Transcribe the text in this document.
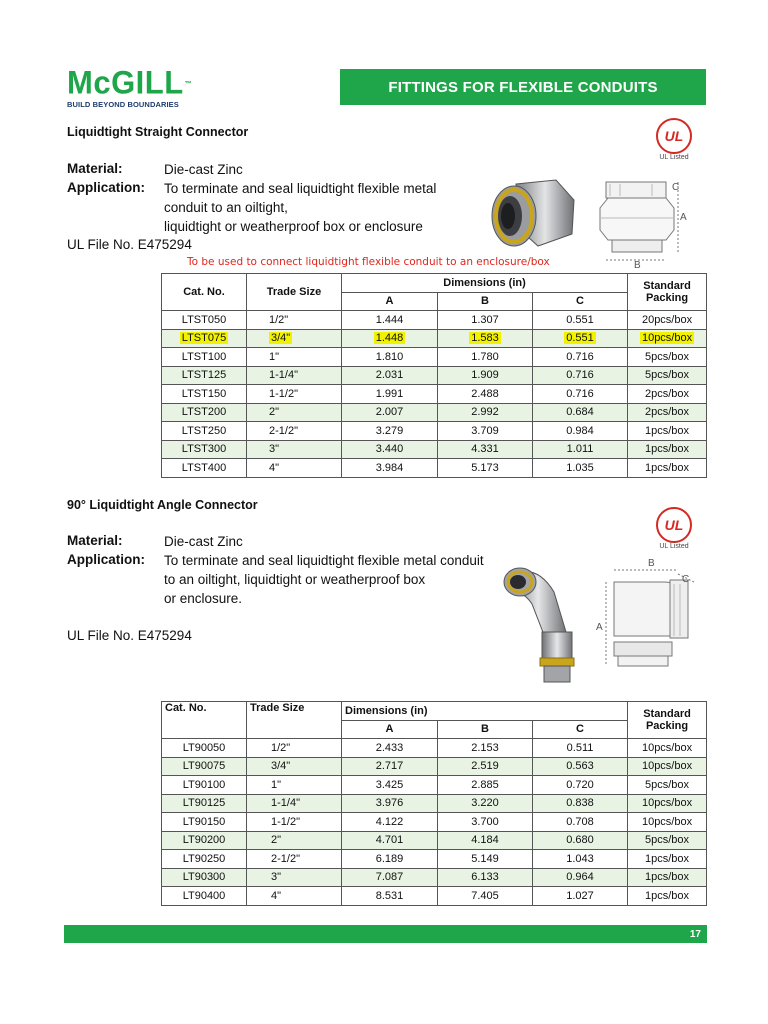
McGILL™
BUILD BEYOND BOUNDARIES
FITTINGS FOR FLEXIBLE CONDUITS
Liquidtight Straight Connector
Material:	Die-cast Zinc
Application: To terminate and seal liquidtight flexible metal
conduit to an oiltight,
liquidtight or weatherproof box or enclosure
UL File No. E475294
To be used to connect liquidtight flexible conduit to an enclosure/box
UL
UL Listed
C
A
B
Cat. No.	Trade Size	Dimensions (in)			Standard
Packing

		A	B	C	
LTST050	1/2"	1.444	1.307	0.551	20pcs/box
LTST075	3/4"	1.448	1.583	0.551	10pcs/box
LTST100	1"	1.810	1.780	0.716	5pcs/box
LTST125	1-1/4"	2.031	1.909	0.716	5pcs/box
LTST150	1-1/2"	1.991	2.488	0.716	2pcs/box
LTST200	2"	2.007	2.992	0.684	2pcs/box
LTST250	2-1/2"	3.279	3.709	0.984	1pcs/box
LTST300	3"	3.440	4.331	1.011	1pcs/box
LTST400	4"	3.984	5.173	1.035	1pcs/box
90° Liquidtight Angle Connector
Material:	Die-cast Zinc
Application: To terminate and seal liquidtight flexible metal conduit
to an oiltight, liquidtight or weatherproof box
or enclosure.
UL File No. E475294
UL
UL Listed
B
C
A
Cat. No.	Trade Size	Dimensions (in)			Standard
Packing

		A	B	C	
LT90050	1/2"	2.433	2.153	0.511	10pcs/box
LT90075	3/4"	2.717	2.519	0.563	10pcs/box
LT90100	1"	3.425	2.885	0.720	5pcs/box
LT90125	1-1/4"	3.976	3.220	0.838	10pcs/box
LT90150	1-1/2"	4.122	3.700	0.708	10pcs/box
LT90200	2"	4.701	4.184	0.680	5pcs/box
LT90250	2-1/2"	6.189	5.149	1.043	1pcs/box
LT90300	3"	7.087	6.133	0.964	1pcs/box
LT90400	4"	8.531	7.405	1.027	1pcs/box
17
